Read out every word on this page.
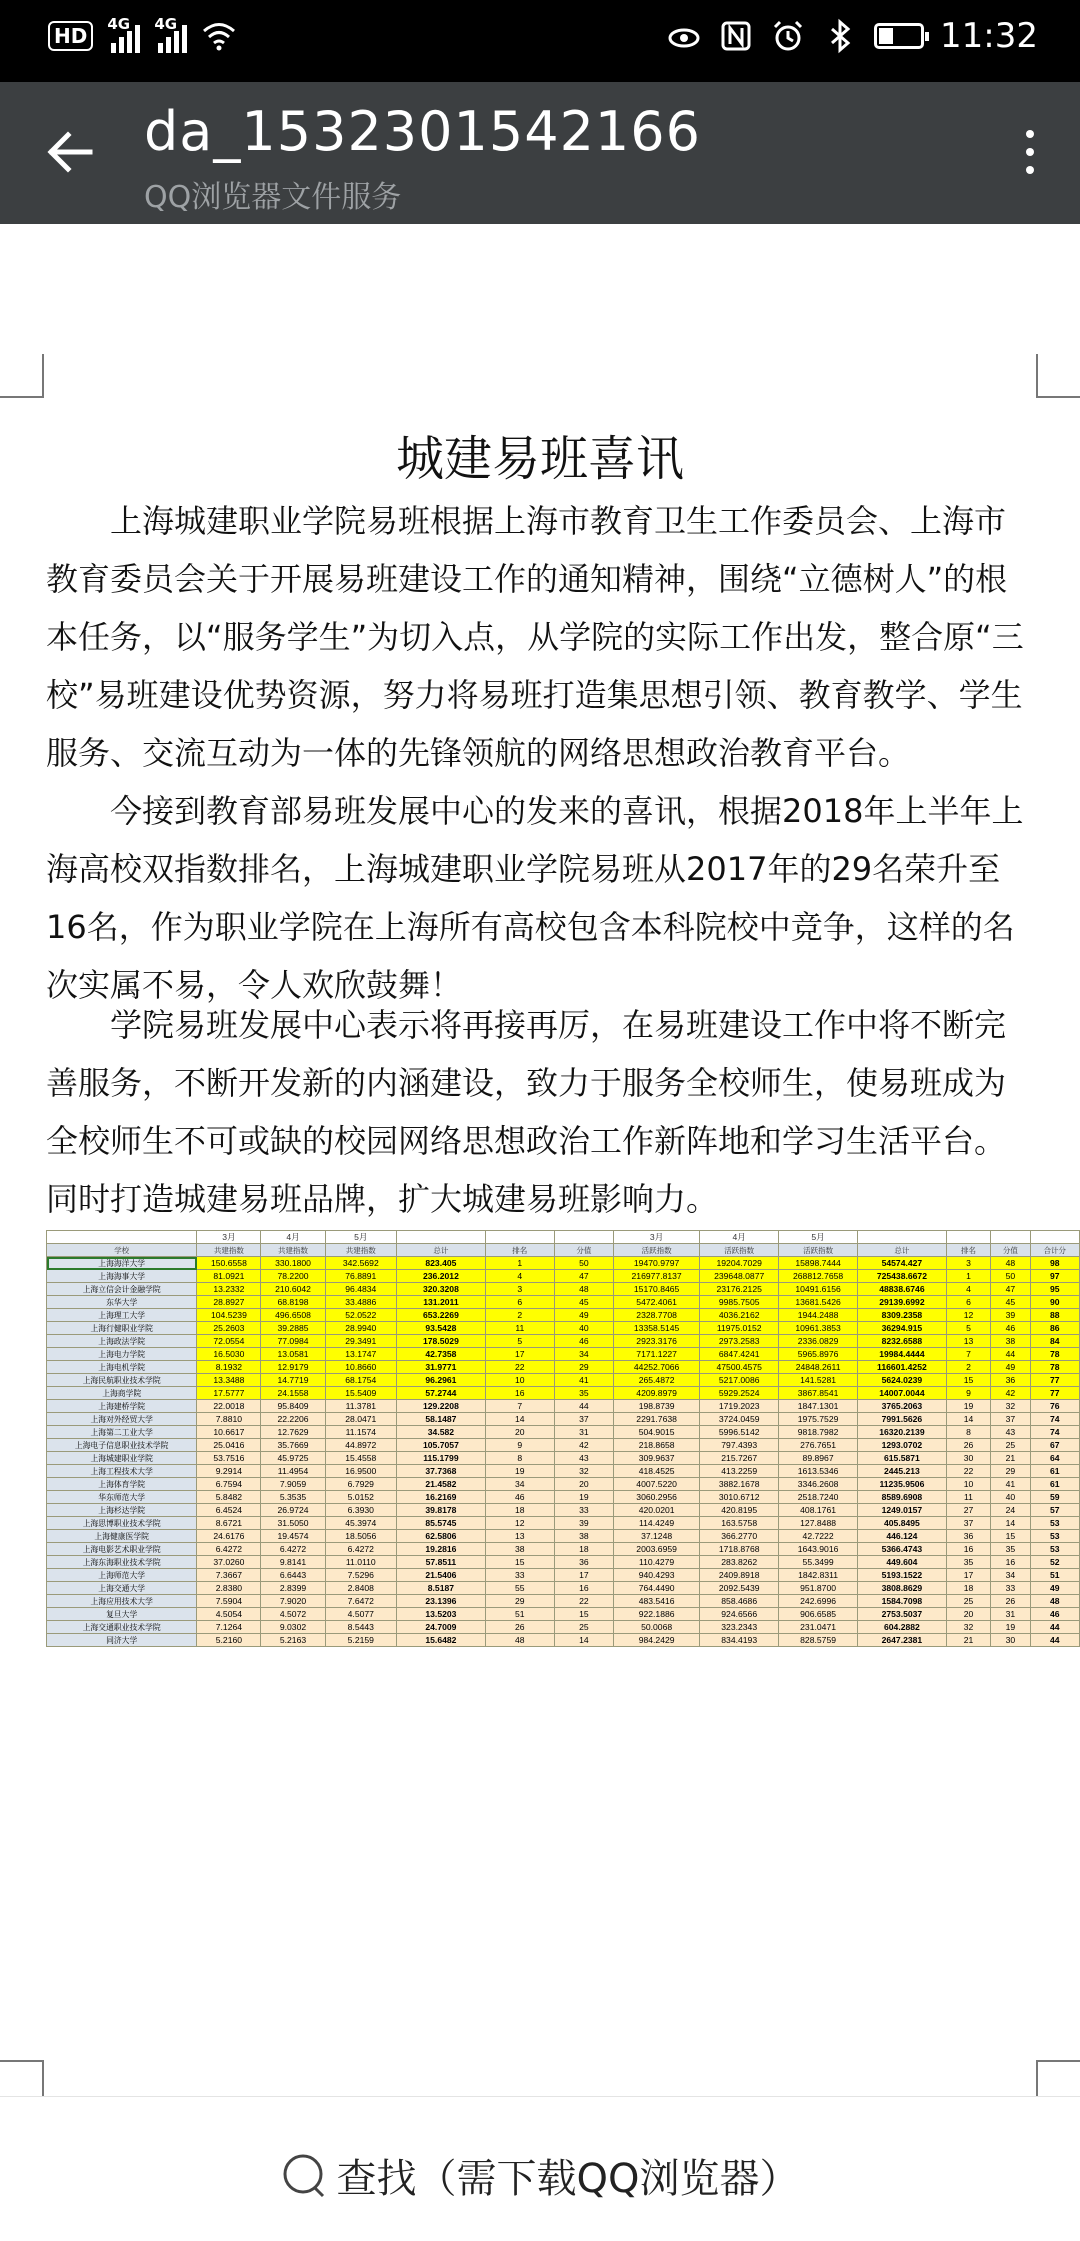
HD	4G 4G	11:32
da_1532301542166
QQ浏览器文件服务
城建易班喜讯

上海城建职业学院易班根据上海市教育卫生工作委员会、上海市教育委员会关于开展易班建设工作的通知精神，围绕“立德树人”的根本任务，以“服务学生”为切入点，从学院的实际工作出发，整合原“三校”易班建设优势资源，努力将易班打造集思想引领、教育教学、学生服务、交流互动为一体的先锋领航的网络思想政治教育平台。

今接到教育部易班发展中心的发来的喜讯，根据2018年上半年上海高校双指数排名，上海城建职业学院易班从2017年的29名荣升至16名，作为职业学院在上海所有高校包含本科院校中竞争，这样的名次实属不易，令人欢欣鼓舞！

学院易班发展中心表示将再接再厉，在易班建设工作中将不断完善服务，不断开发新的内涵建设，致力于服务全校师生，使易班成为全校师生不可或缺的校园网络思想政治工作新阵地和学习生活平台。同时打造城建易班品牌，扩大城建易班影响力。

	3月	4月	5月				3月	4月	5月				
学校	共建指数	共建指数	共建指数	总计	排名	分值	活跃指数	活跃指数	活跃指数	总计	排名	分值	合计分
上海海洋大学	150.6558	330.1800	342.5692	823.405	1	50	19470.9797	19204.7029	15898.7444	54574.427	3	48	98
上海海事大学	81.0921	78.2200	76.8891	236.2012	4	47	216977.8137	239648.0877	268812.7658	725438.6672	1	50	97
上海立信会计金融学院	13.2332	210.6042	96.4834	320.3208	3	48	15170.8465	23176.2125	10491.6156	48838.6746	4	47	95
东华大学	28.8927	68.8198	33.4886	131.2011	6	45	5472.4061	9985.7505	13681.5426	29139.6992	6	45	90
上海理工大学	104.5239	496.6508	52.0522	653.2269	2	49	2328.7708	4036.2162	1944.2488	8309.2358	12	39	88
上海行健职业学院	25.2603	39.2885	28.9940	93.5428	11	40	13358.5145	11975.0152	10961.3853	36294.915	5	46	86
上海政法学院	72.0554	77.0984	29.3491	178.5029	5	46	2923.3176	2973.2583	2336.0829	8232.6588	13	38	84
上海电力学院	16.5030	13.0581	13.1747	42.7358	17	34	7171.1227	6847.4241	5965.8976	19984.4444	7	44	78
上海电机学院	8.1932	12.9179	10.8660	31.9771	22	29	44252.7066	47500.4575	24848.2611	116601.4252	2	49	78
上海民航职业技术学院	13.3488	14.7719	68.1754	96.2961	10	41	265.4872	5217.0086	141.5281	5624.0239	15	36	77
上海商学院	17.5777	24.1558	15.5409	57.2744	16	35	4209.8979	5929.2524	3867.8541	14007.0044	9	42	77
上海建桥学院	22.0018	95.8409	11.3781	129.2208	7	44	198.8739	1719.2023	1847.1301	3765.2063	19	32	76
上海对外经贸大学	7.8810	22.2206	28.0471	58.1487	14	37	2291.7638	3724.0459	1975.7529	7991.5626	14	37	74
上海第二工业大学	10.6617	12.7629	11.1574	34.582	20	31	504.9015	5996.5142	9818.7982	16320.2139	8	43	74
上海电子信息职业技术学院	25.0416	35.7669	44.8972	105.7057	9	42	218.8658	797.4393	276.7651	1293.0702	26	25	67
上海城建职业学院	53.7516	45.9725	15.4558	115.1799	8	43	309.9637	215.7267	89.8967	615.5871	30	21	64
上海工程技术大学	9.2914	11.4954	16.9500	37.7368	19	32	418.4525	413.2259	1613.5346	2445.213	22	29	61
上海体育学院	6.7594	7.9059	6.7929	21.4582	34	20	4007.5220	3882.1678	3346.2608	11235.9506	10	41	61
华东师范大学	5.8482	5.3535	5.0152	16.2169	46	19	3060.2956	3010.6712	2518.7240	8589.6908	11	40	59
上海杉达学院	6.4524	26.9724	6.3930	39.8178	18	33	420.0201	420.8195	408.1761	1249.0157	27	24	57
上海思博职业技术学院	8.6721	31.5050	45.3974	85.5745	12	39	114.4249	163.5758	127.8488	405.8495	37	14	53
上海健康医学院	24.6176	19.4574	18.5056	62.5806	13	38	37.1248	366.2770	42.7222	446.124	36	15	53
上海电影艺术职业学院	6.4272	6.4272	6.4272	19.2816	38	18	2003.6959	1718.8768	1643.9016	5366.4743	16	35	53
上海东海职业技术学院	37.0260	9.8141	11.0110	57.8511	15	36	110.4279	283.8262	55.3499	449.604	35	16	52
上海师范大学	7.3667	6.6443	7.5296	21.5406	33	17	940.4293	2409.8918	1842.8311	5193.1522	17	34	51
上海交通大学	2.8380	2.8399	2.8408	8.5187	55	16	764.4490	2092.5439	951.8700	3808.8629	18	33	49
上海应用技术大学	7.5904	7.9020	7.6472	23.1396	29	22	483.5416	858.4686	242.6996	1584.7098	25	26	48
复旦大学	4.5054	4.5072	4.5077	13.5203	51	15	922.1886	924.6566	906.6585	2753.5037	20	31	46
上海交通职业技术学院	7.1264	9.0302	8.5443	24.7009	26	25	50.0068	323.2343	231.0471	604.2882	32	19	44
同济大学	5.2160	5.2163	5.2159	15.6482	48	14	984.2429	834.4193	828.5759	2647.2381	21	30	44
查找（需下载QQ浏览器）
